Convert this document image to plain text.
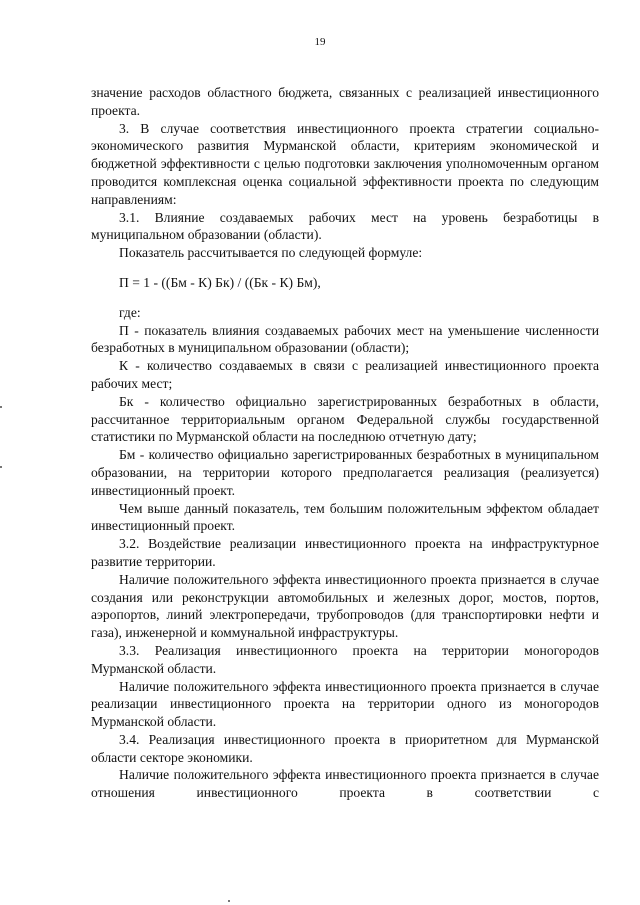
19

значение расходов областного бюджета, связанных с реализацией инвестиционного проекта.

3. В случае соответствия инвестиционного проекта стратегии социально-экономического развития Мурманской области, критериям экономической и бюджетной эффективности с целью подготовки заключения уполномоченным органом проводится комплексная оценка социальной эффективности проекта по следующим направлениям:

3.1. Влияние создаваемых рабочих мест на уровень безработицы в муниципальном образовании (области).

Показатель рассчитывается по следующей формуле:

П = 1 - ((Бм - К) Бк) / ((Бк - К) Бм),

где:

П - показатель влияния создаваемых рабочих мест на уменьшение численности безработных в муниципальном образовании (области);

К - количество создаваемых в связи с реализацией инвестиционного проекта рабочих мест;

Бк - количество официально зарегистрированных безработных в области, рассчитанное территориальным органом Федеральной службы государственной статистики по Мурманской области на последнюю отчетную дату;

Бм - количество официально зарегистрированных безработных в муниципальном образовании, на территории которого предполагается реализация (реализуется) инвестиционный проект.

Чем выше данный показатель, тем большим положительным эффектом обладает инвестиционный проект.

3.2. Воздействие реализации инвестиционного проекта на инфраструктурное развитие территории.

Наличие положительного эффекта инвестиционного проекта признается в случае создания или реконструкции автомобильных и железных дорог, мостов, портов, аэропортов, линий электропередачи, трубопроводов (для транспортировки нефти и газа), инженерной и коммунальной инфраструктуры.

3.3. Реализация инвестиционного проекта на территории моногородов Мурманской области.

Наличие положительного эффекта инвестиционного проекта признается в случае реализации инвестиционного проекта на территории одного из моногородов Мурманской области.

3.4. Реализация инвестиционного проекта в приоритетном для Мурманской области секторе экономики.

Наличие положительного эффекта инвестиционного проекта признается в случае отношения инвестиционного проекта в соответствии с
